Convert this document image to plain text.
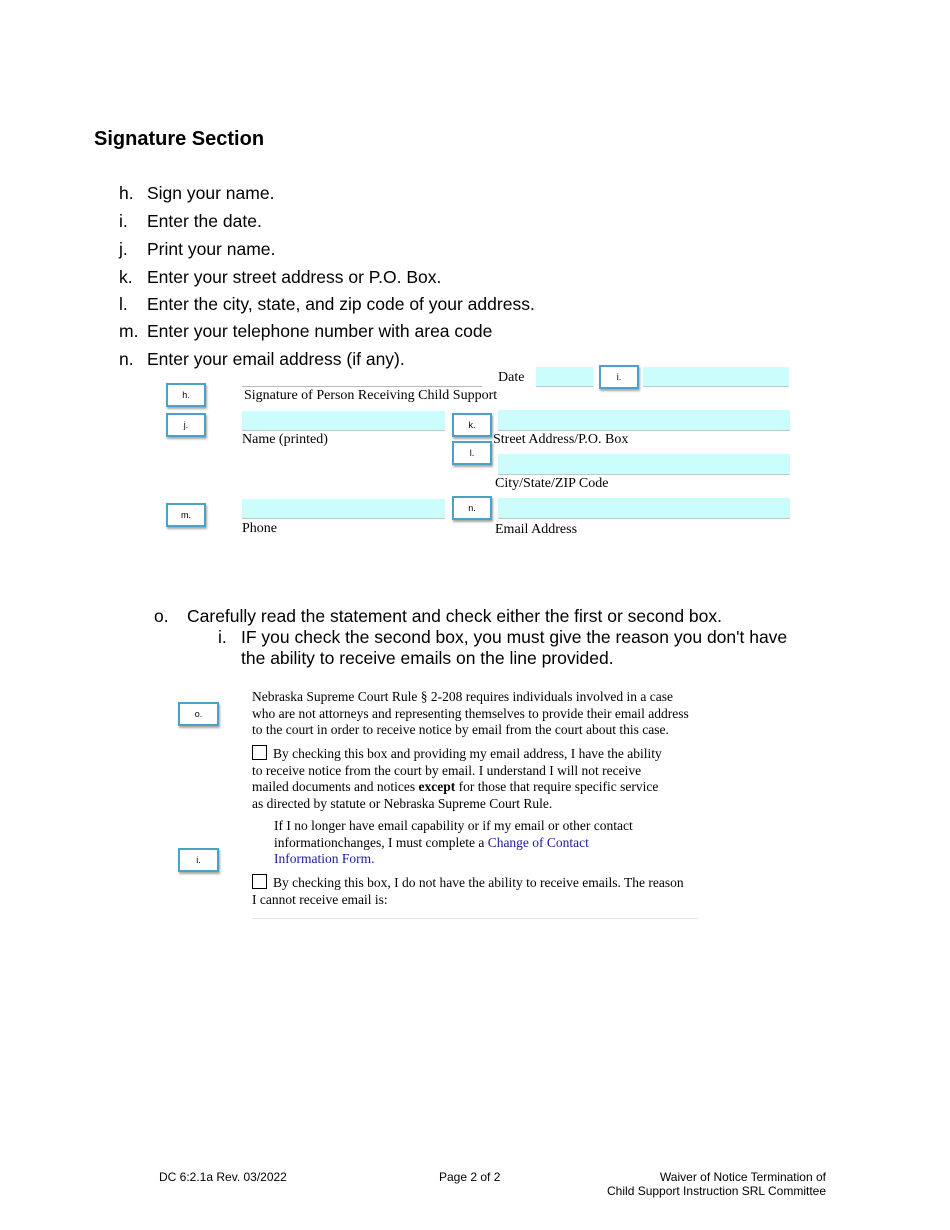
Signature Section
h. Sign your name.
i. Enter the date.
j. Print your name.
k. Enter your street address or P.O. Box.
l. Enter the city, state, and zip code of your address.
m. Enter your telephone number with area code
n. Enter your email address (if any).
Date
Signature of Person Receiving Child Support
Name (printed)	Street Address/P.O. Box
City/State/ZIP Code
Phone	Email Address
h.
i.
j.	k.
l.
m.
n.
o. Carefully read the statement and check either the first or second box.
i. IF you check the second box, you must give the reason you don't have
the ability to receive emails on the line provided.
o.
i.
Nebraska Supreme Court Rule § 2-208 requires individuals involved in a case
who are not attorneys and representing themselves to provide their email address
to the court in order to receive notice by email from the court about this case.
By checking this box and providing my email address, I have the ability
to receive notice from the court by email. I understand I will not receive
mailed documents and notices except for those that require specific service
as directed by statute or Nebraska Supreme Court Rule.
If I no longer have email capability or if my email or other contact
informationchanges, I must complete a Change of Contact
Information Form.
By checking this box, I do not have the ability to receive emails. The reason
I cannot receive email is:
DC 6:2.1a Rev. 03/2022	Page 2 of 2	Waiver of Notice Termination of
Child Support Instruction SRL Committee
